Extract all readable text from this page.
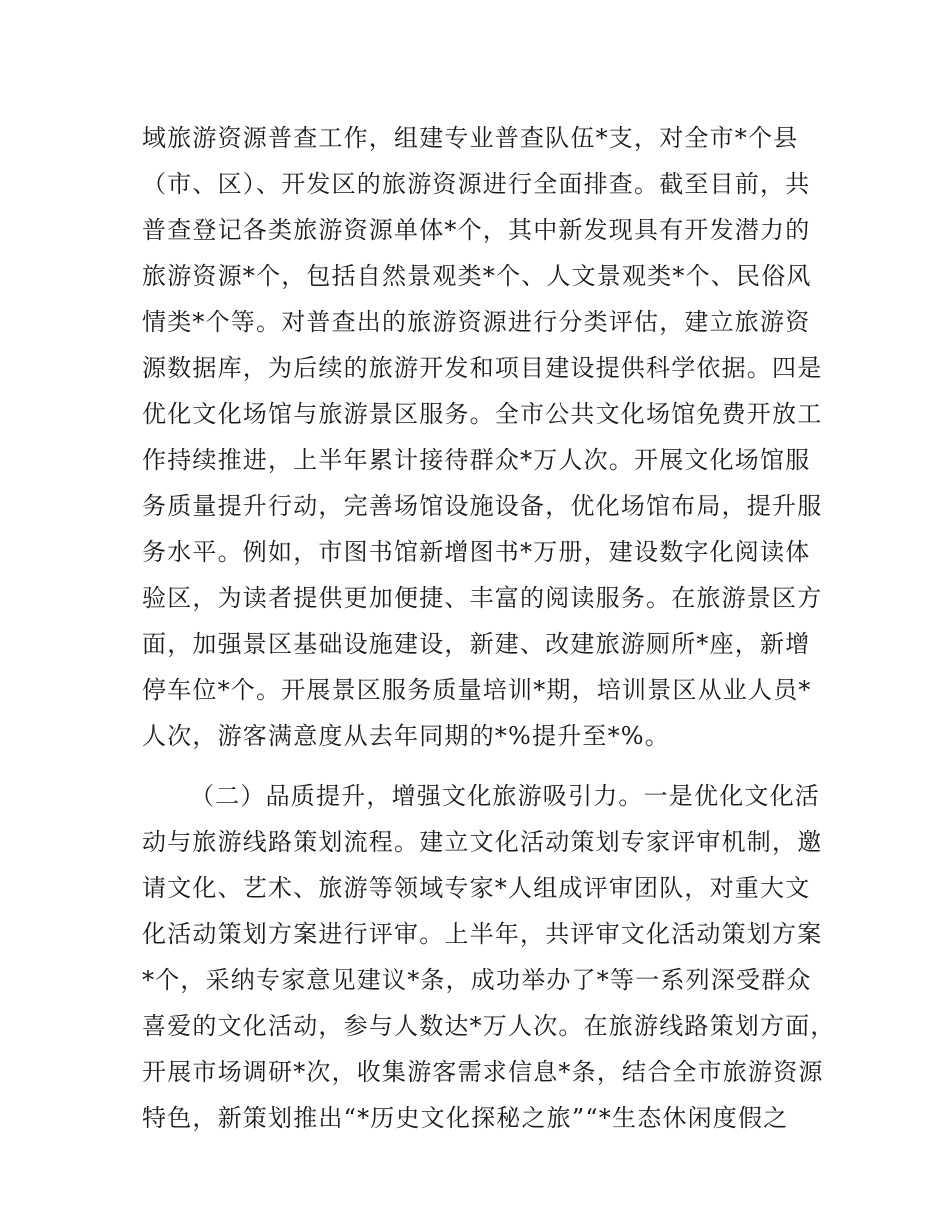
域旅游资源普查工作，组建专业普查队伍*支，对全市*个县
（市、区）、开发区的旅游资源进行全面排查。截至目前，共
普查登记各类旅游资源单体*个，其中新发现具有开发潜力的
旅游资源*个，包括自然景观类*个、人文景观类*个、民俗风
情类*个等。对普查出的旅游资源进行分类评估，建立旅游资
源数据库，为后续的旅游开发和项目建设提供科学依据。四是
优化文化场馆与旅游景区服务。全市公共文化场馆免费开放工
作持续推进，上半年累计接待群众*万人次。开展文化场馆服
务质量提升行动，完善场馆设施设备，优化场馆布局，提升服
务水平。例如，市图书馆新增图书*万册，建设数字化阅读体
验区，为读者提供更加便捷、丰富的阅读服务。在旅游景区方
面，加强景区基础设施建设，新建、改建旅游厕所*座，新增
停车位*个。开展景区服务质量培训*期，培训景区从业人员*
人次，游客满意度从去年同期的*%提升至*%。
（二）品质提升，增强文化旅游吸引力。一是优化文化活
动与旅游线路策划流程。建立文化活动策划专家评审机制，邀
请文化、艺术、旅游等领域专家*人组成评审团队，对重大文
化活动策划方案进行评审。上半年，共评审文化活动策划方案
*个，采纳专家意见建议*条，成功举办了*等一系列深受群众
喜爱的文化活动，参与人数达*万人次。在旅游线路策划方面，
开展市场调研*次，收集游客需求信息*条，结合全市旅游资源
特色，新策划推出“*历史文化探秘之旅”“*生态休闲度假之
